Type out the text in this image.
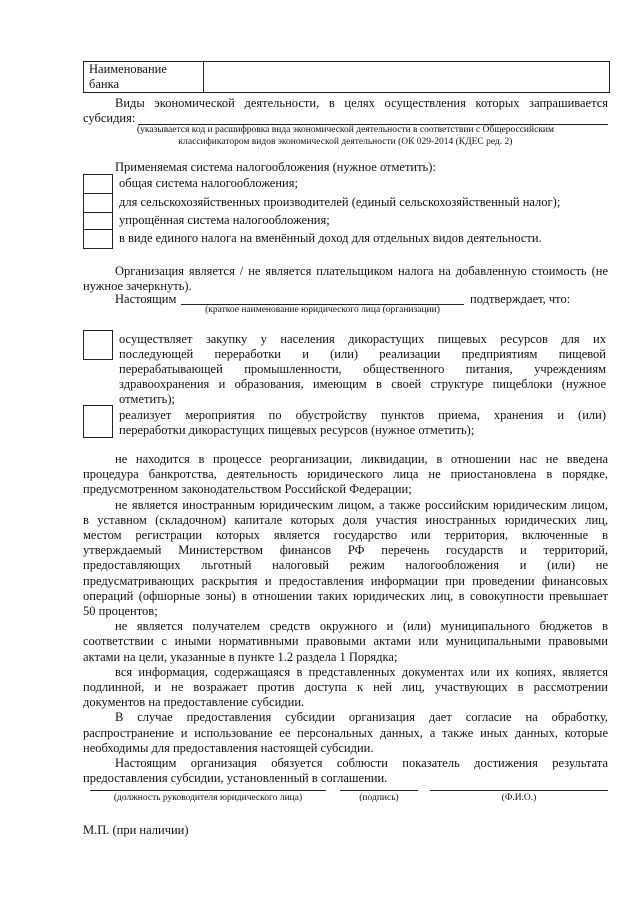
Наименование банка
Виды экономической деятельности, в целях осуществления которых запрашивается
субсидия:
(указывается код и расшифровка вида экономической деятельности в соответствии с Общероссийским
классификатором видов экономической деятельности (ОК 029-2014 (КДЕС ред. 2)
Применяемая система налогообложения (нужное отметить):
общая система налогообложения;
для сельскохозяйственных производителей (единый сельскохозяйственный налог);
упрощённая система налогообложения;
в виде единого налога на вменённый доход для отдельных видов деятельности.
Организация является / не является плательщиком налога на добавленную стоимость (не
нужное зачеркнуть).
Настоящим	подтверждает, что:
(краткое наименование юридического лица (организации)
осуществляет закупку у населения дикорастущих пищевых ресурсов для их
последующей переработки и (или) реализации предприятиям пищевой
перерабатывающей промышленности, общественного питания, учреждениям
здравоохранения и образования, имеющим в своей структуре пищеблоки (нужное
отметить);
реализует мероприятия по обустройству пунктов приема, хранения и (или)
переработки дикорастущих пищевых ресурсов (нужное отметить);
не находится в процессе реорганизации, ликвидации, в отношении нас не введена
процедура банкротства, деятельность юридического лица не приостановлена в порядке,
предусмотренном законодательством Российской Федерации;
не является иностранным юридическим лицом, а также российским юридическим лицом,
в уставном (складочном) капитале которых доля участия иностранных юридических лиц,
местом регистрации которых является государство или территория, включенные в
утверждаемый Министерством финансов РФ перечень государств и территорий,
предоставляющих льготный налоговый режим налогообложения и (или) не
предусматривающих раскрытия и предоставления информации при проведении финансовых
операций (офшорные зоны) в отношении таких юридических лиц, в совокупности превышает
50 процентов;
не является получателем средств окружного и (или) муниципального бюджетов в
соответствии с иными нормативными правовыми актами или муниципальными правовыми
актами на цели, указанные в пункте 1.2 раздела 1 Порядка;
вся информация, содержащаяся в представленных документах или их копиях, является
подлинной, и не возражает против доступа к ней лиц, участвующих в рассмотрении
документов на предоставление субсидии.
В случае предоставления субсидии организация дает согласие на обработку,
распространение и использование ее персональных данных, а также иных данных, которые
необходимы для предоставления настоящей субсидии.
Настоящим организация обязуется соблюсти показатель достижения результата
предоставления субсидии, установленный в соглашении.
(должность руководителя юридического лица)	(подпись)	(Ф.И.О.)
М.П. (при наличии)
